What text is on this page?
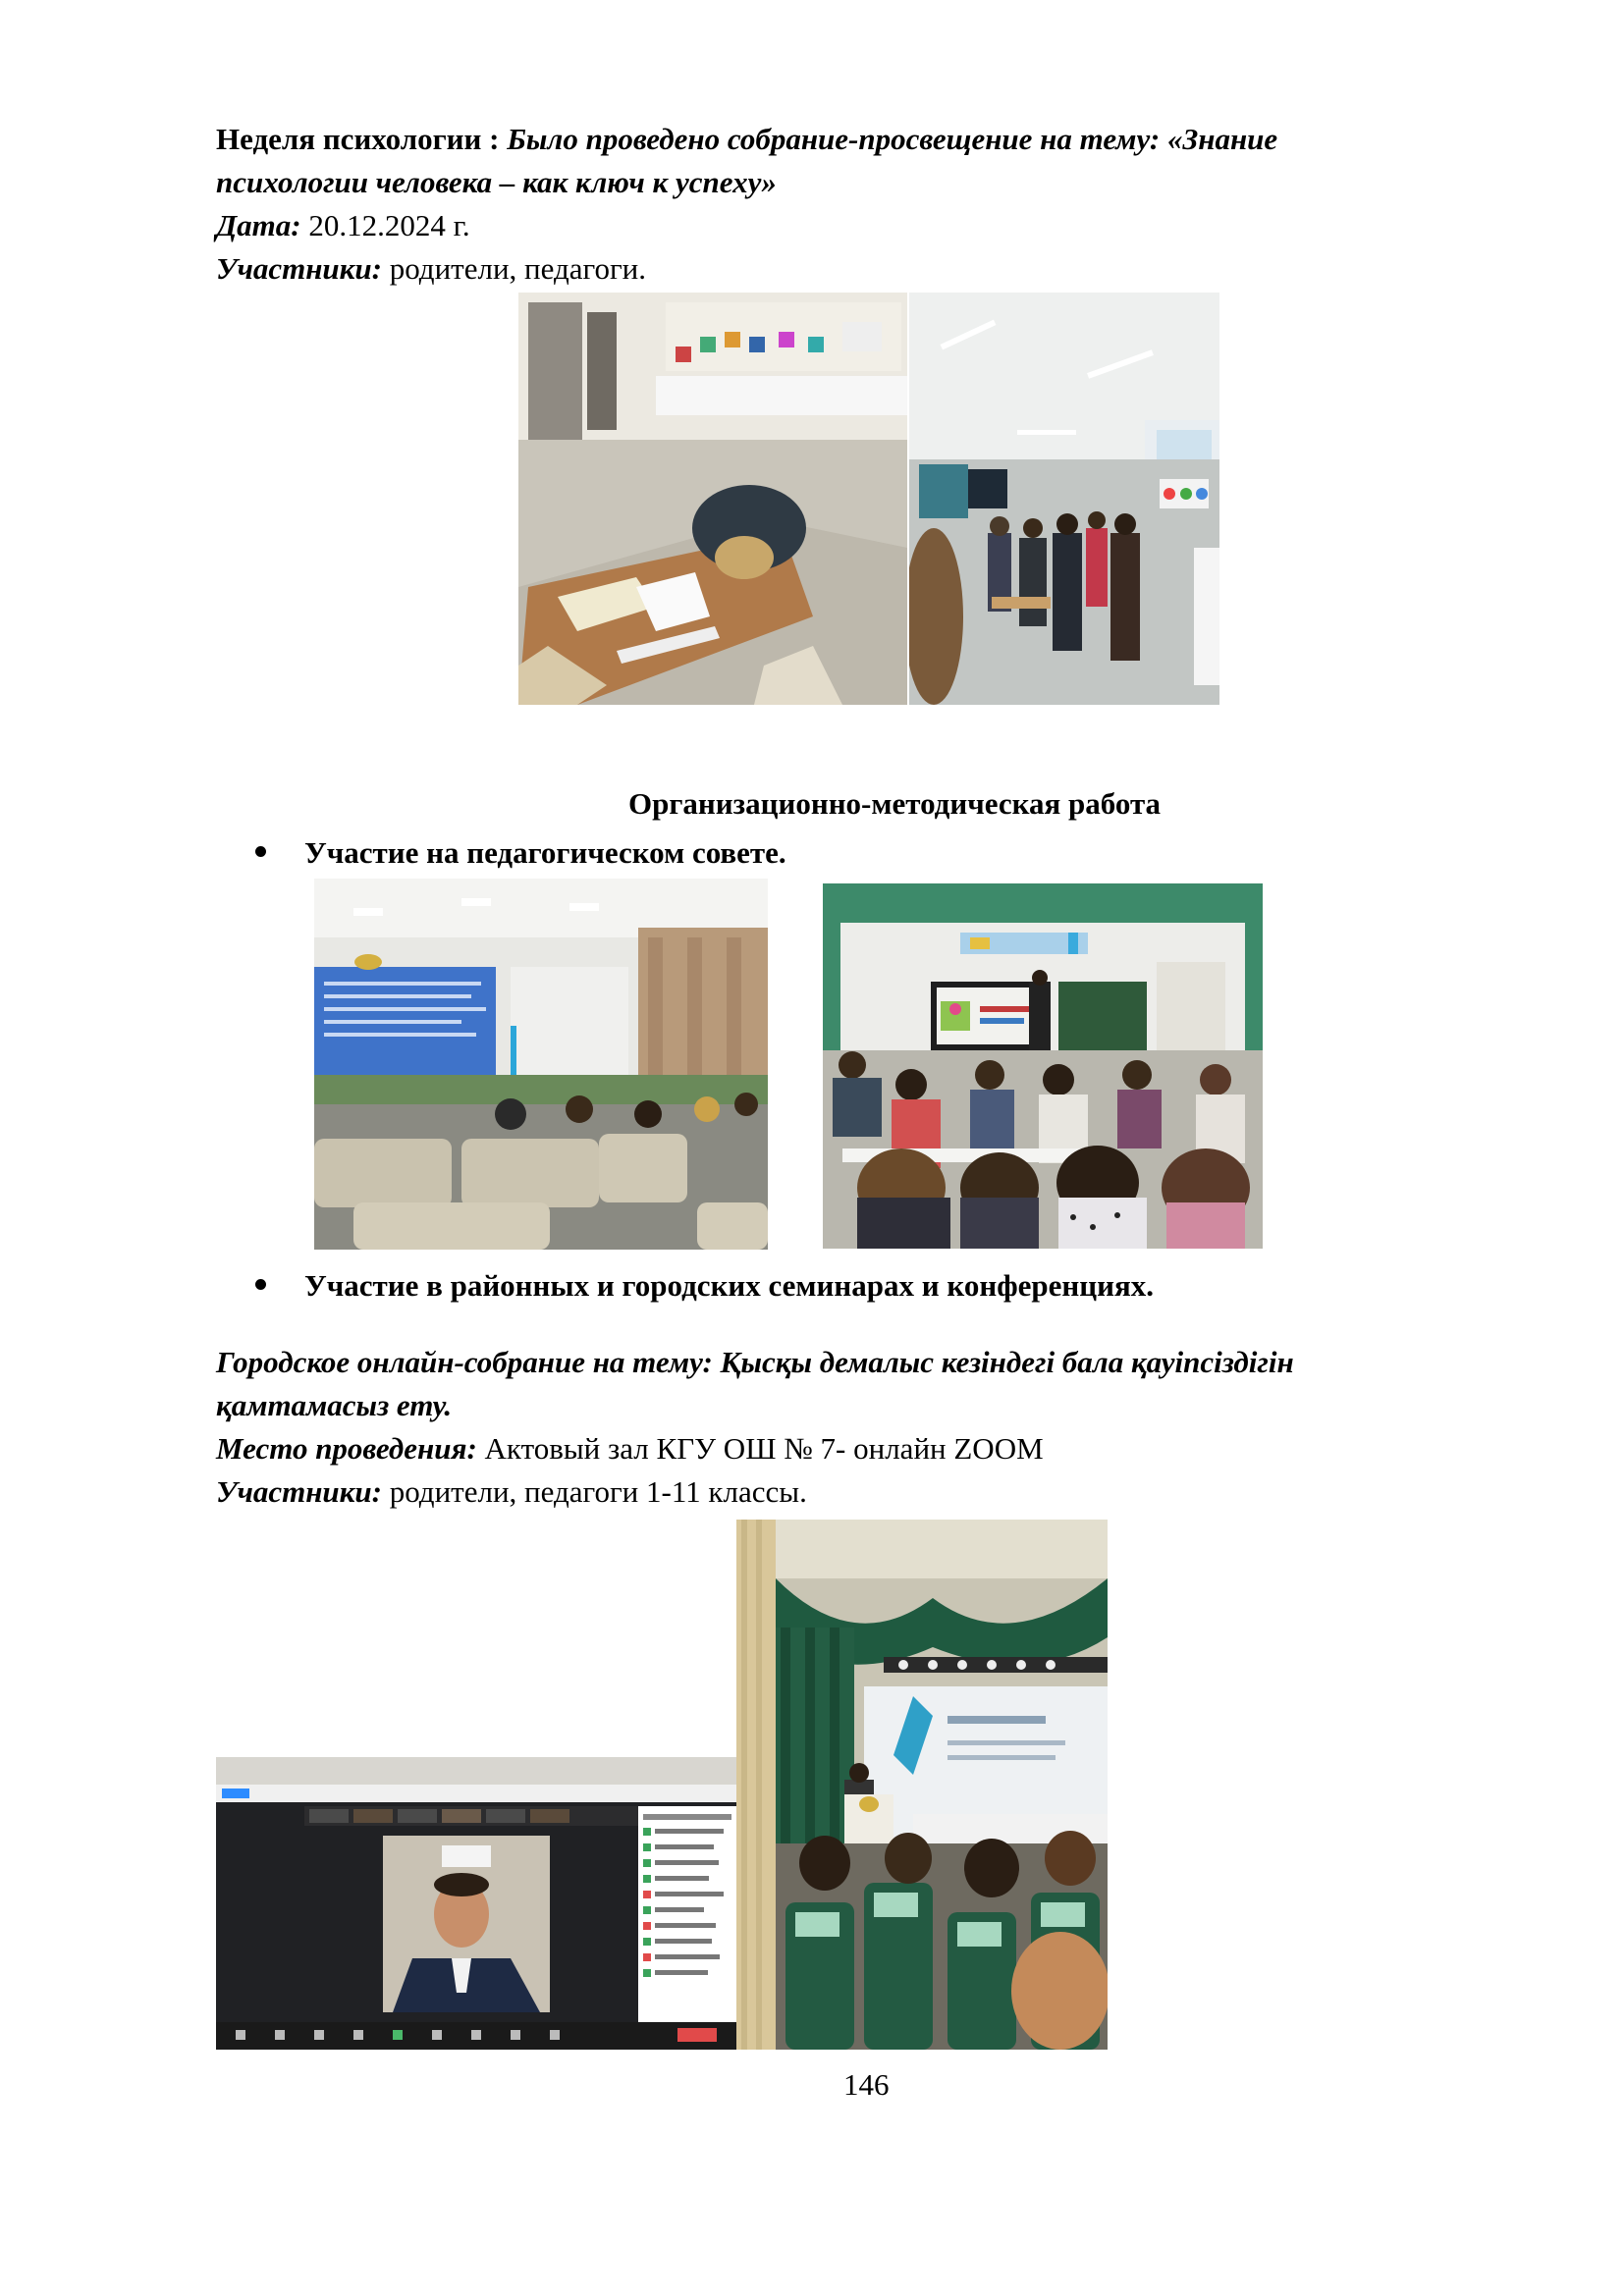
Неделя психологии : Было проведено собрание-просвещение на тему: «Знание
психологии человека – как ключ к успеху»
Дата: 20.12.2024 г.
Участники: родители, педагоги.
Организационно-методическая работа
Участие на педагогическом совете.
Участие в районных и городских семинарах и конференциях.
Городское онлайн-собрание на тему: Қысқы демалыс кезіндегі бала қауіпсіздігін
қамтамасыз ету.
Место проведения: Актовый зал КГУ ОШ № 7- онлайн ZOOM
Участники: родители, педагоги 1-11 классы.
146
